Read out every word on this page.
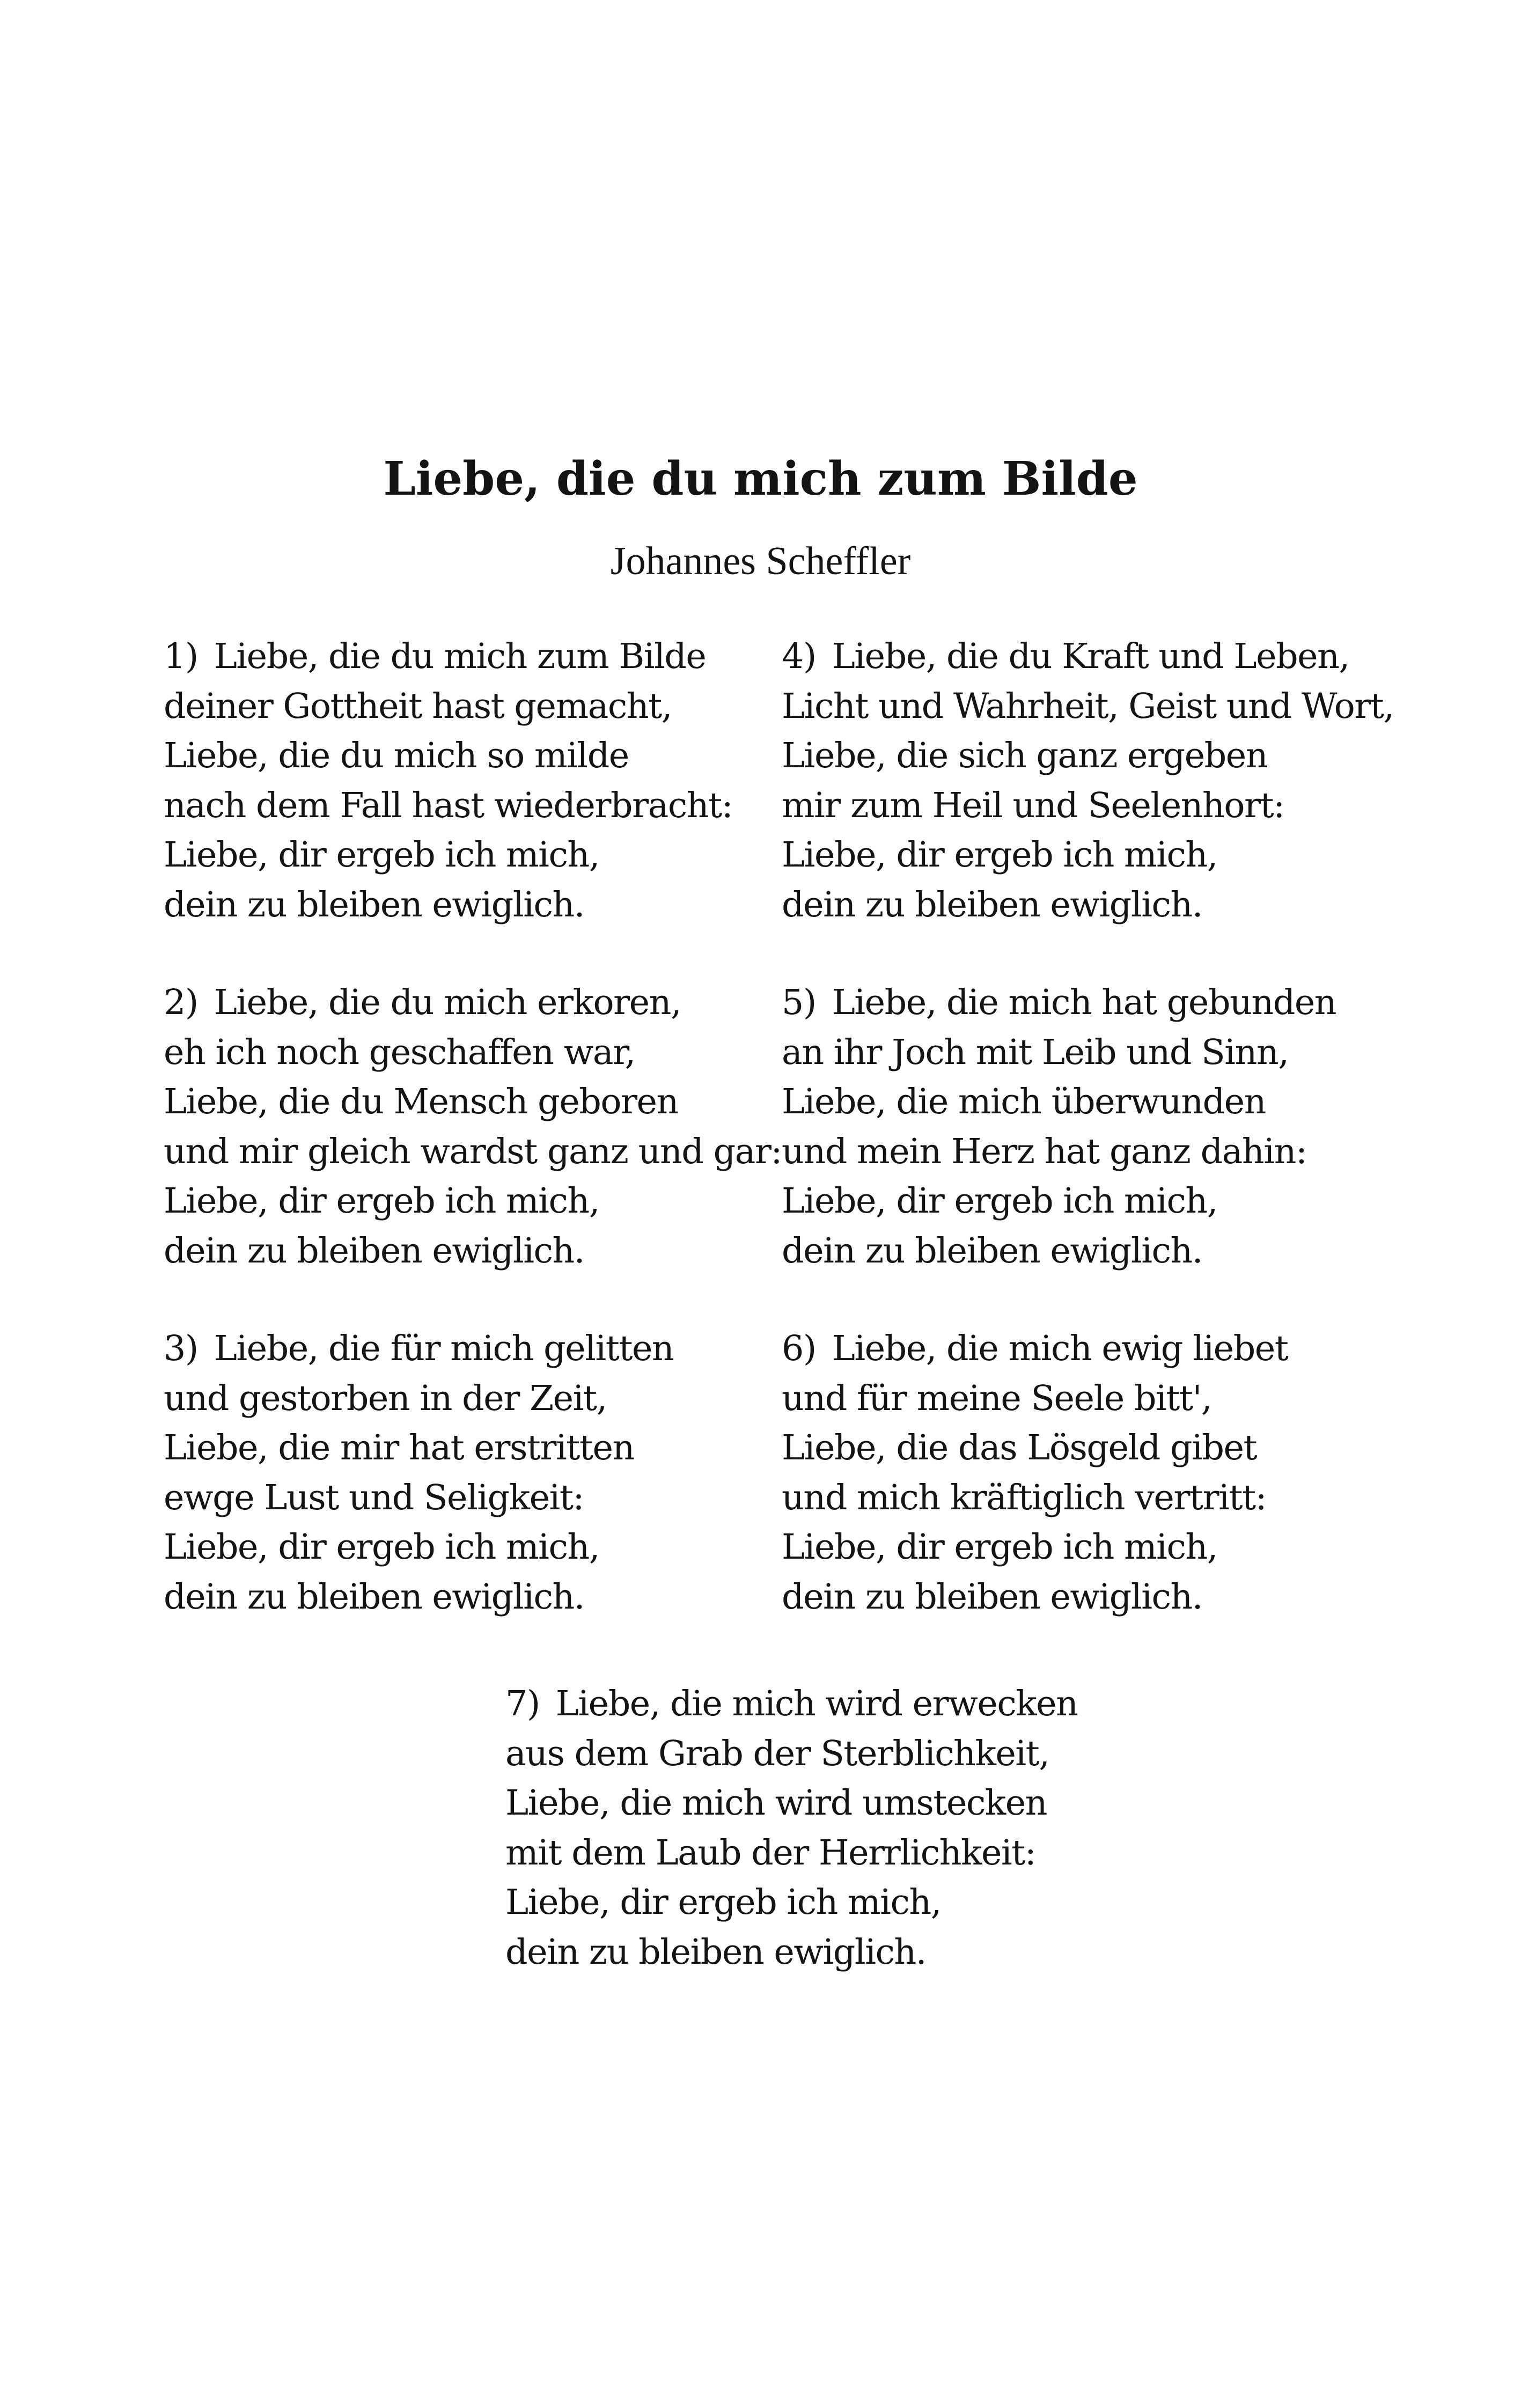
Liebe, die du mich zum Bilde
Johannes Scheffler
1) Liebe, die du mich zum Bilde
deiner Gottheit hast gemacht,
Liebe, die du mich so milde
nach dem Fall hast wiederbracht:
Liebe, dir ergeb ich mich,
dein zu bleiben ewiglich.
2) Liebe, die du mich erkoren,
eh ich noch geschaffen war,
Liebe, die du Mensch geboren
und mir gleich wardst ganz und gar:
Liebe, dir ergeb ich mich,
dein zu bleiben ewiglich.
3) Liebe, die für mich gelitten
und gestorben in der Zeit,
Liebe, die mir hat erstritten
ewge Lust und Seligkeit:
Liebe, dir ergeb ich mich,
dein zu bleiben ewiglich.
4) Liebe, die du Kraft und Leben,
Licht und Wahrheit, Geist und Wort,
Liebe, die sich ganz ergeben
mir zum Heil und Seelenhort:
Liebe, dir ergeb ich mich,
dein zu bleiben ewiglich.
5) Liebe, die mich hat gebunden
an ihr Joch mit Leib und Sinn,
Liebe, die mich überwunden
und mein Herz hat ganz dahin:
Liebe, dir ergeb ich mich,
dein zu bleiben ewiglich.
6) Liebe, die mich ewig liebet
und für meine Seele bitt',
Liebe, die das Lösgeld gibet
und mich kräftiglich vertritt:
Liebe, dir ergeb ich mich,
dein zu bleiben ewiglich.
7) Liebe, die mich wird erwecken
aus dem Grab der Sterblichkeit,
Liebe, die mich wird umstecken
mit dem Laub der Herrlichkeit:
Liebe, dir ergeb ich mich,
dein zu bleiben ewiglich.
